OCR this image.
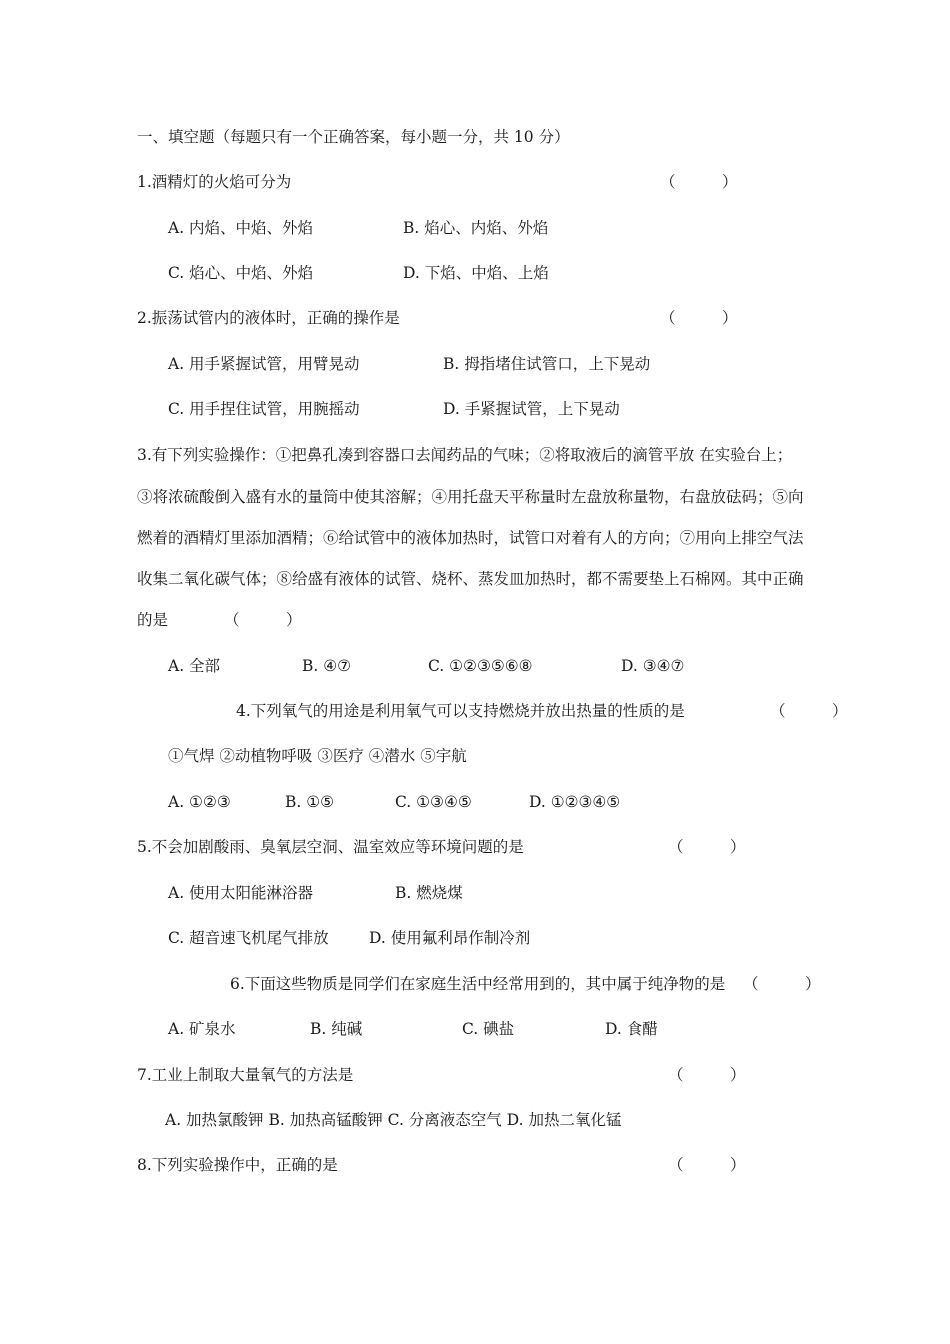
一、填空题（每题只有一个正确答案，每小题一分，共 10 分）
1.酒精灯的火焰可分为	（　　　）
A. 内焰、中焰、外焰	B. 焰心、内焰、外焰
C. 焰心、中焰、外焰	D. 下焰、中焰、上焰
2.振荡试管内的液体时，正确的操作是	（　　　）
A. 用手紧握试管，用臂晃动	B. 拇指堵住试管口，上下晃动
C. 用手捏住试管，用腕摇动	D. 手紧握试管，上下晃动
3.有下列实验操作：①把鼻孔凑到容器口去闻药品的气味；②将取液后的滴管平放 在实验台上；
③将浓硫酸倒入盛有水的量筒中使其溶解；④用托盘天平称量时左盘放称量物，右盘放砝码；⑤向
燃着的酒精灯里添加酒精；⑥给试管中的液体加热时，试管口对着有人的方向；⑦用向上排空气法
收集二氧化碳气体；⑧给盛有液体的试管、烧杯、蒸发皿加热时，都不需要垫上石棉网。其中正确
的是	（　　　）
A. 全部	B. ④⑦	C. ①②③⑤⑥⑧	D. ③④⑦
4.下列氧气的用途是利用氧气可以支持燃烧并放出热量的性质的是	（　　　）
①气焊 ②动植物呼吸 ③医疗 ④潜水 ⑤宇航
A. ①②③	B. ①⑤	C. ①③④⑤	D. ①②③④⑤
5.不会加剧酸雨、臭氧层空洞、温室效应等环境问题的是	（　　　）
A. 使用太阳能淋浴器	B. 燃烧煤
C. 超音速飞机尾气排放	D. 使用氟利昂作制冷剂
6.下面这些物质是同学们在家庭生活中经常用到的，其中属于纯净物的是 （　　　）
A. 矿泉水	B. 纯碱	C. 碘盐	D. 食醋
7.工业上制取大量氧气的方法是	（　　　）
A. 加热氯酸钾 B. 加热高锰酸钾 C. 分离液态空气 D. 加热二氧化锰
8.下列实验操作中，正确的是	（　　　）
